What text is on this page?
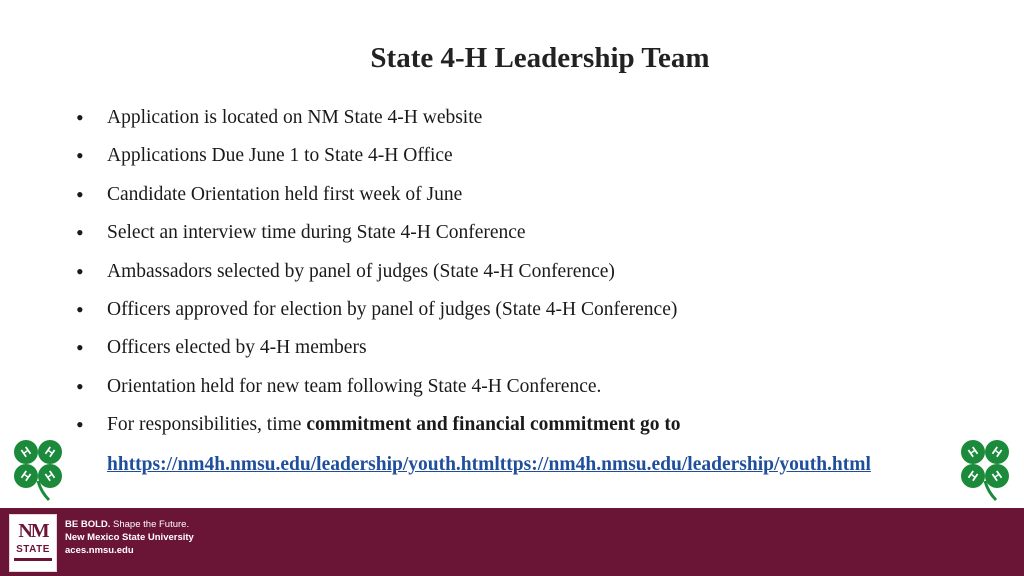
State 4-H Leadership Team
• Application is located on NM State 4-H website
• Applications Due June 1 to State 4-H Office
• Candidate Orientation held first week of June
• Select an interview time during State 4-H Conference
• Ambassadors selected by panel of judges (State 4-H Conference)
• Officers approved for election by panel of judges (State 4-H Conference)
• Officers elected by 4-H members
• Orientation held for new team following State 4-H Conference.
• For responsibilities, time commitment and financial commitment go to
hhttps://nm4h.nmsu.edu/leadership/youth.htmlttps://nm4h.nmsu.edu/leadership/youth.html
H H
H H
H H
H H
NM
STATE
BE BOLD. Shape the Future.
New Mexico State University
aces.nmsu.edu
